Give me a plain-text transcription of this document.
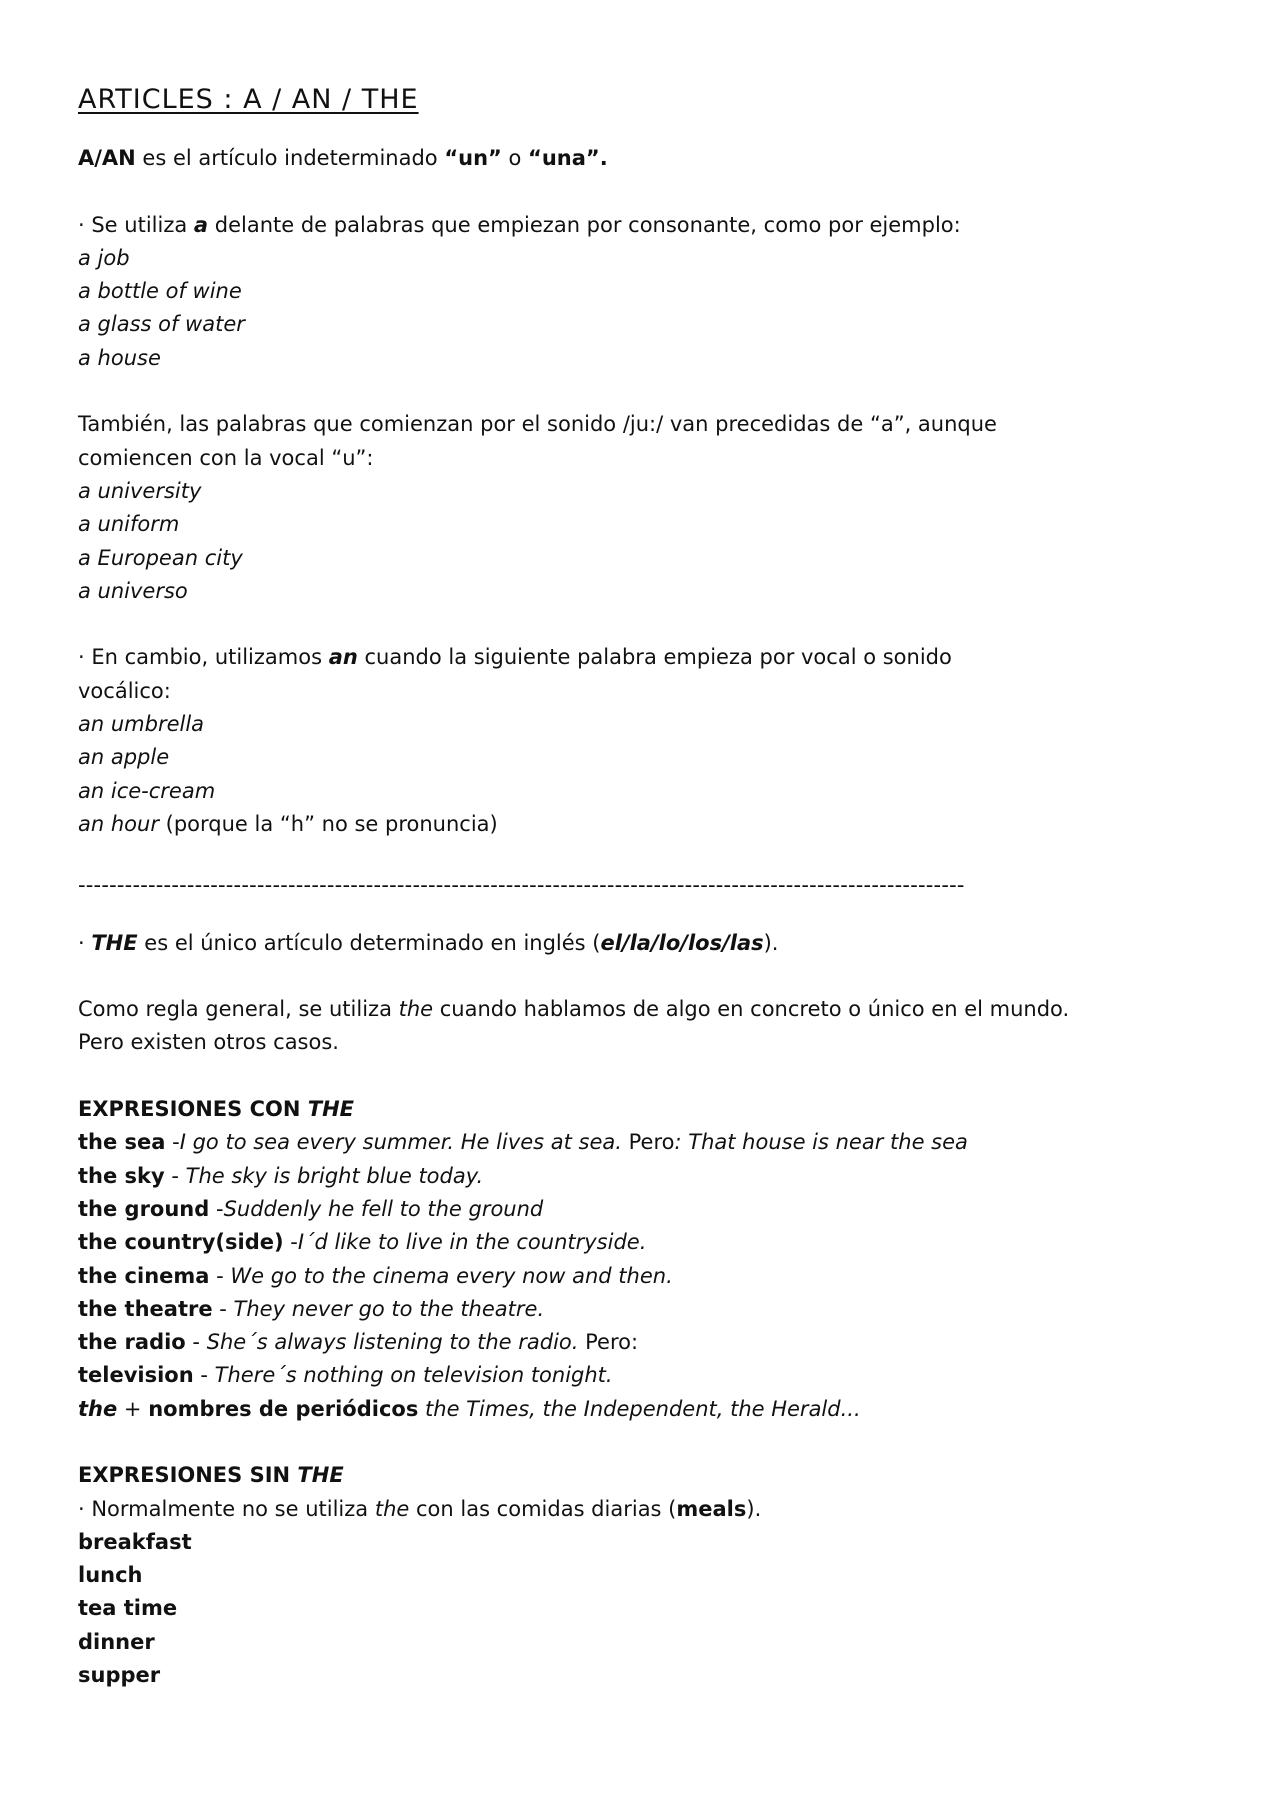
ARTICLES : A / AN / THE

A/AN es el artículo indeterminado “un” o “una”.

· Se utiliza a delante de palabras que empiezan por consonante, como por ejemplo:

a job

a bottle of wine

a glass of water

a house

También, las palabras que comienzan por el sonido /ju:/ van precedidas de “a”, aunque

comiencen con la vocal “u”:

a university

a uniform

a European city

a universo

· En cambio, utilizamos an cuando la siguiente palabra empieza por vocal o sonido

vocálico:

an umbrella

an apple

an ice-cream

an hour (porque la “h” no se pronuncia)

------------------------------------------------------------------------------------------------------------------

· THE es el único artículo determinado en inglés (el/la/lo/los/las).

Como regla general, se utiliza the cuando hablamos de algo en concreto o único en el mundo.

Pero existen otros casos.

EXPRESIONES CON THE

the sea -I go to sea every summer. He lives at sea. Pero: That house is near the sea

the sky - The sky is bright blue today.

the ground -Suddenly he fell to the ground

the country(side) -I´d like to live in the countryside.

the cinema - We go to the cinema every now and then.

the theatre - They never go to the theatre.

the radio - She´s always listening to the radio. Pero:

television - There´s nothing on television tonight.

the + nombres de periódicos the Times, the Independent, the Herald...

EXPRESIONES SIN THE

· Normalmente no se utiliza the con las comidas diarias (meals).

breakfast

lunch

tea time

dinner

supper
